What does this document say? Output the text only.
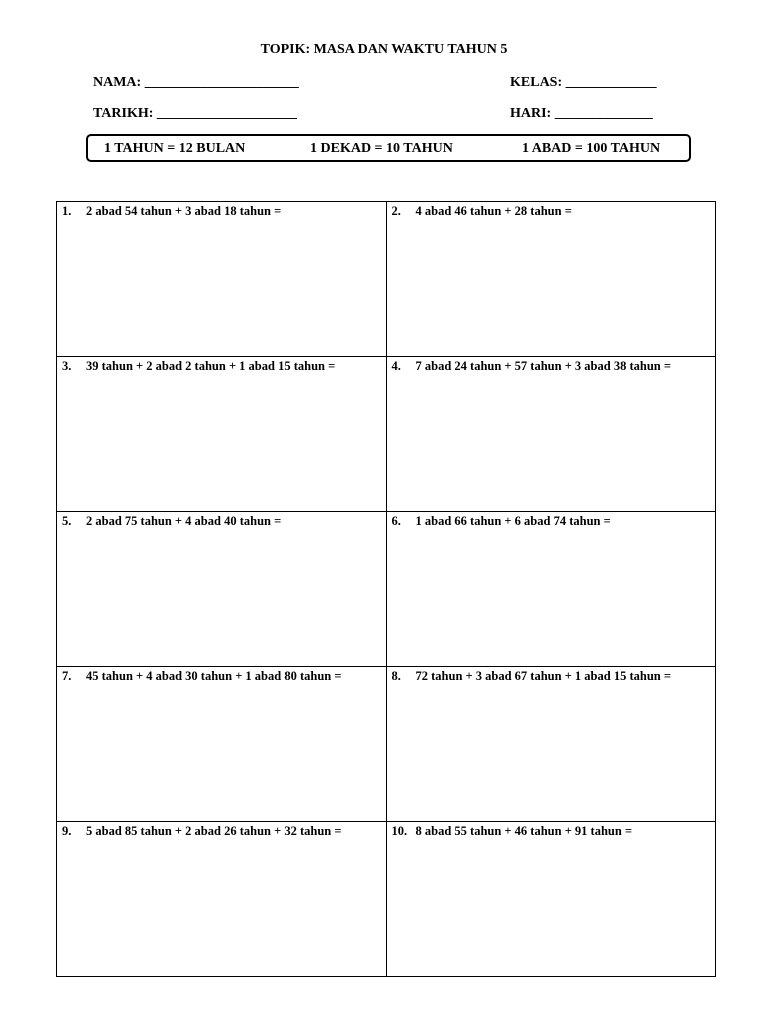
TOPIK: MASA DAN WAKTU TAHUN 5
NAMA: ______________________	KELAS: _____________
TARIKH: ____________________	HARI: ______________
1 TAHUN = 12 BULAN	1 DEKAD = 10 TAHUN	1 ABAD = 100 TAHUN
1. 2 abad 54 tahun + 3 abad 18 tahun =	2. 4 abad 46 tahun + 28 tahun =

3. 39 tahun + 2 abad 2 tahun + 1 abad 15 tahun =	4. 7 abad 24 tahun + 57 tahun + 3 abad 38 tahun =

5. 2 abad 75 tahun + 4 abad 40 tahun =	6. 1 abad 66 tahun + 6 abad 74 tahun =

7. 45 tahun + 4 abad 30 tahun + 1 abad 80 tahun =	8. 72 tahun + 3 abad 67 tahun + 1 abad 15 tahun =

9. 5 abad 85 tahun + 2 abad 26 tahun + 32 tahun =	10. 8 abad 55 tahun + 46 tahun + 91 tahun =
